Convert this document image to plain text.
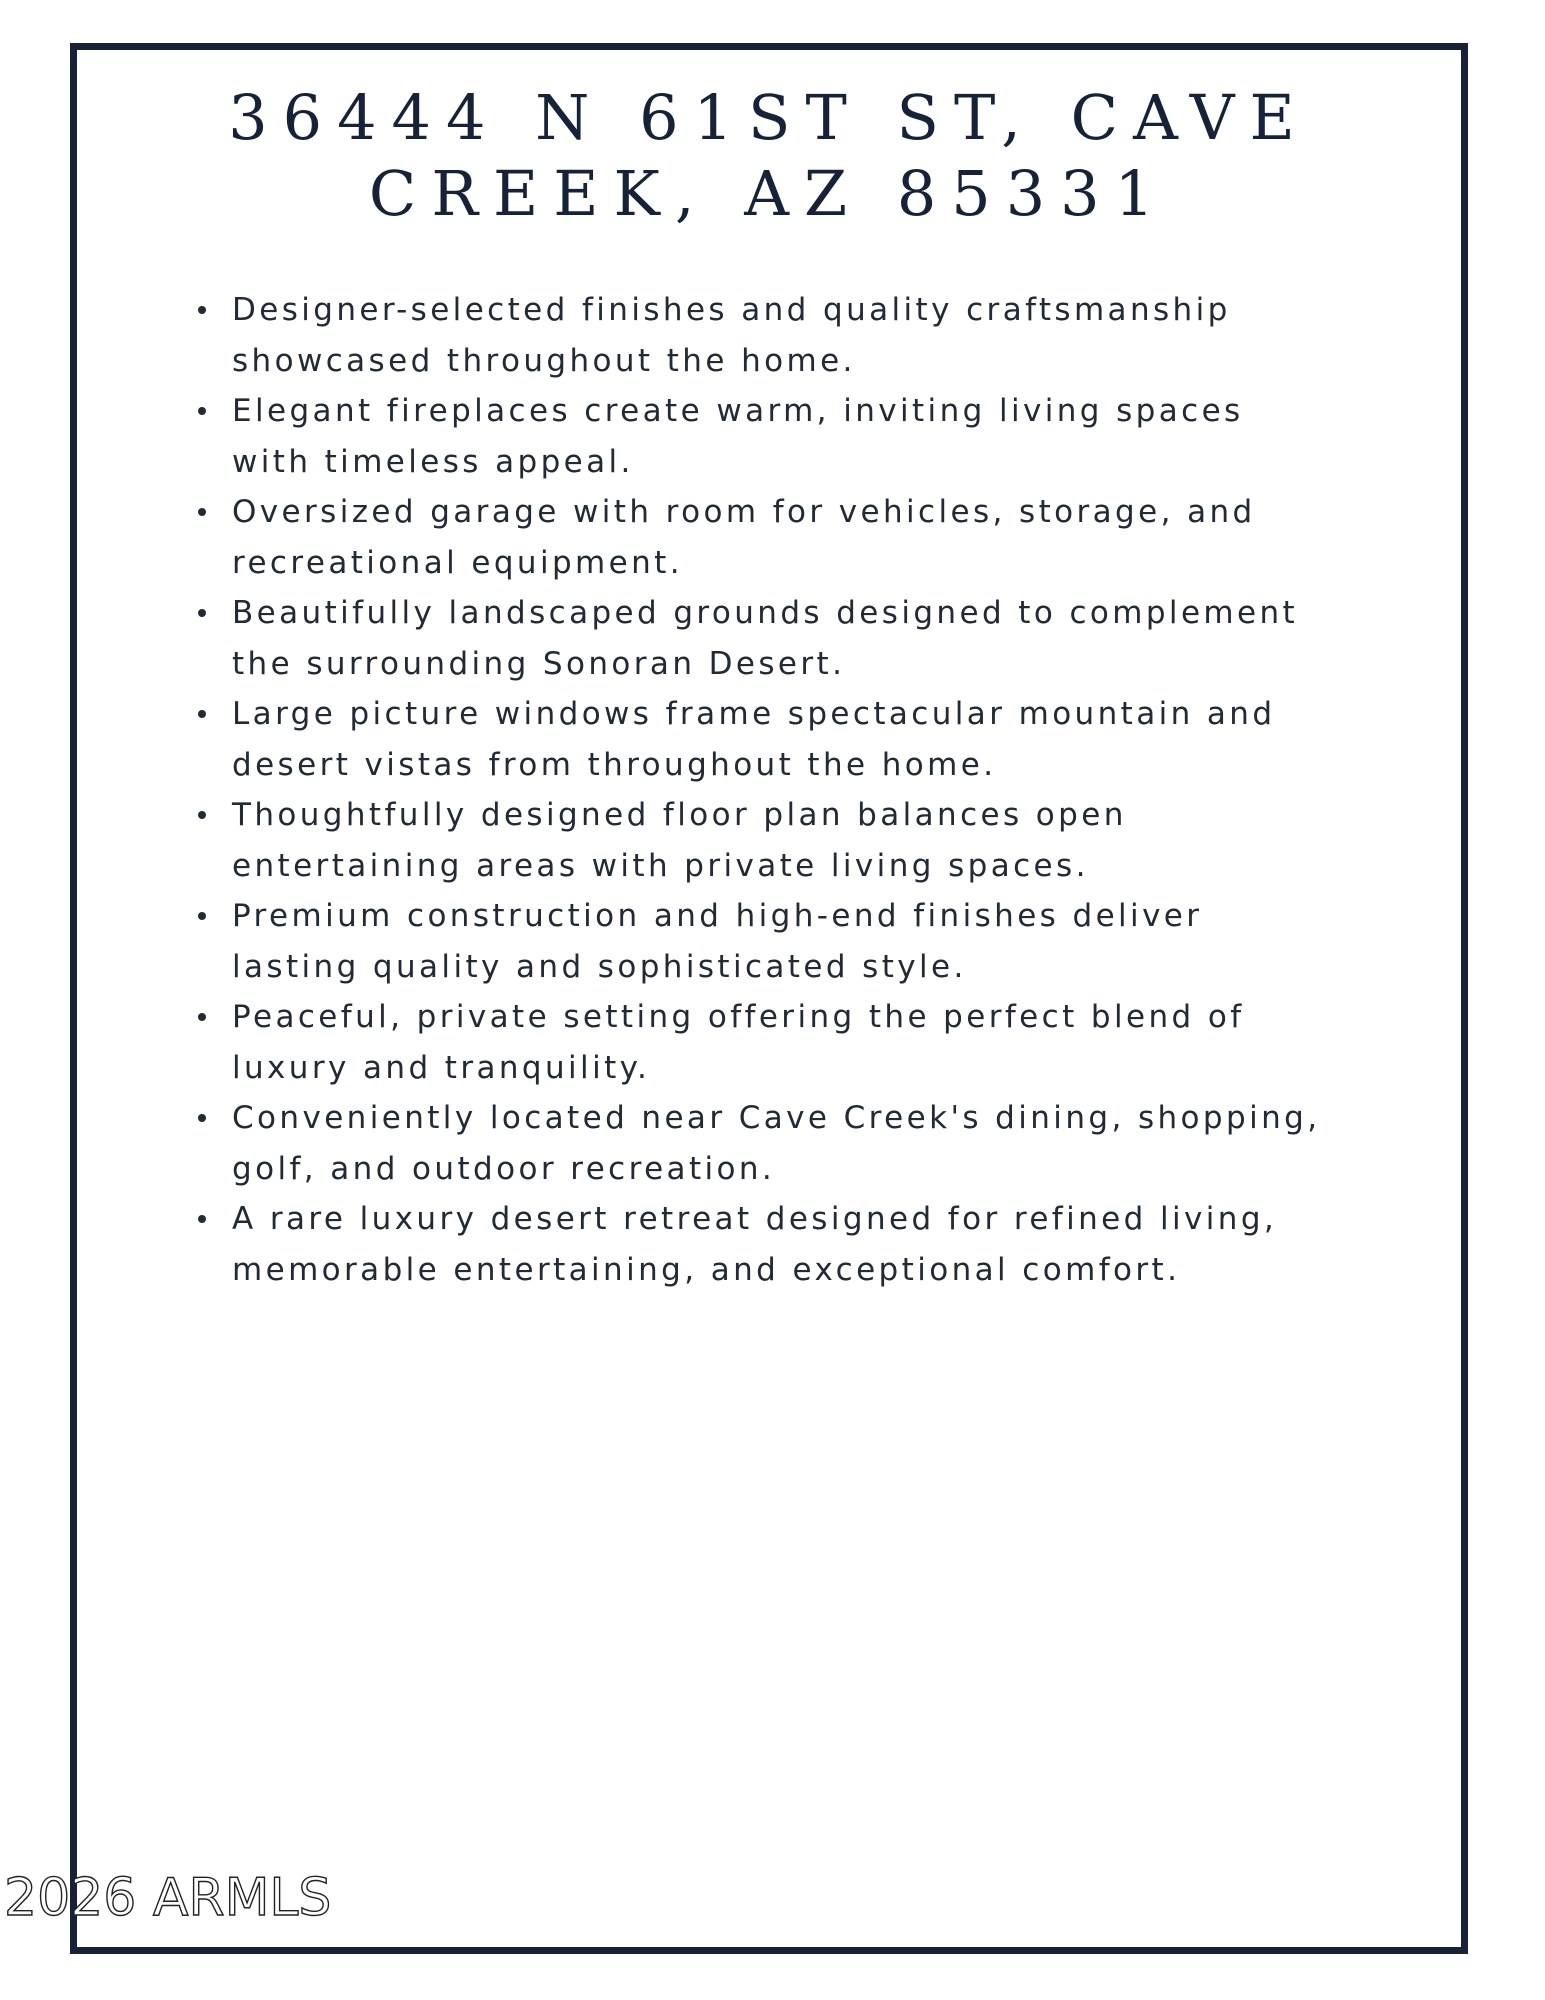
36444 N 61ST ST, CAVE
CREEK, AZ 85331
Designer-selected finishes and quality craftsmanship
showcased throughout the home.
Elegant fireplaces create warm, inviting living spaces
with timeless appeal.
Oversized garage with room for vehicles, storage, and
recreational equipment.
Beautifully landscaped grounds designed to complement
the surrounding Sonoran Desert.
Large picture windows frame spectacular mountain and
desert vistas from throughout the home.
Thoughtfully designed floor plan balances open
entertaining areas with private living spaces.
Premium construction and high-end finishes deliver
lasting quality and sophisticated style.
Peaceful, private setting offering the perfect blend of
luxury and tranquility.
Conveniently located near Cave Creek's dining, shopping,
golf, and outdoor recreation.
A rare luxury desert retreat designed for refined living,
memorable entertaining, and exceptional comfort.
2026 ARMLS
